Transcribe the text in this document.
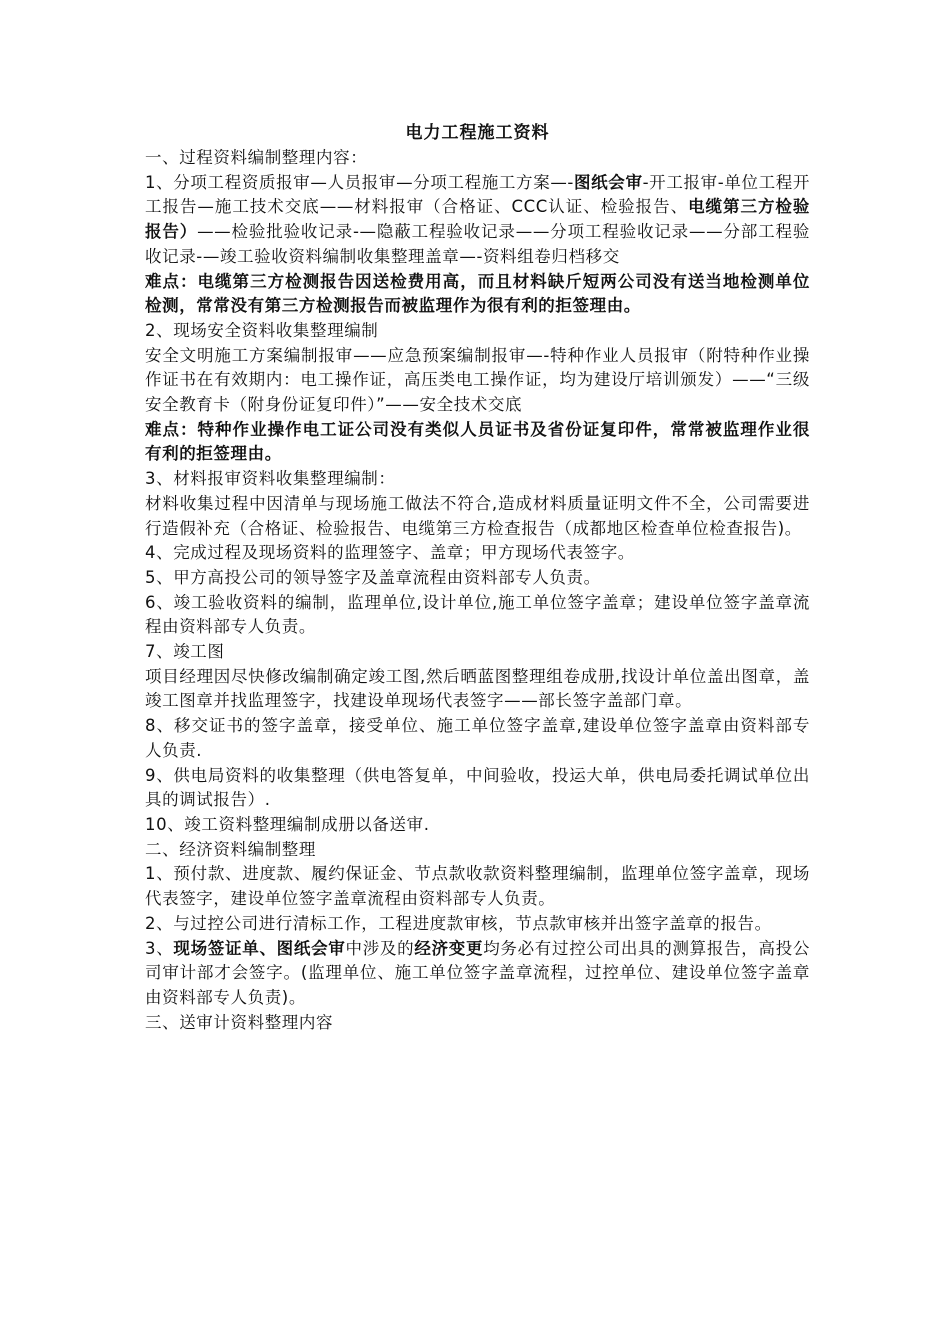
电力工程施工资料

一、过程资料编制整理内容：

1、分项工程资质报审—人员报审—分项工程施工方案—-图纸会审-开工报审-单位工程开工报告—施工技术交底——材料报审（合格证、CCC认证、检验报告、电缆第三方检验报告）——检验批验收记录-—隐蔽工程验收记录——分项工程验收记录——分部工程验收记录-—竣工验收资料编制收集整理盖章—-资料组卷归档移交

难点：电缆第三方检测报告因送检费用高，而且材料缺斤短两公司没有送当地检测单位检测，常常没有第三方检测报告而被监理作为很有利的拒签理由。

2、现场安全资料收集整理编制

安全文明施工方案编制报审——应急预案编制报审—-特种作业人员报审（附特种作业操作证书在有效期内：电工操作证，高压类电工操作证，均为建设厅培训颁发）——“三级安全教育卡（附身份证复印件）”——安全技术交底

难点：特种作业操作电工证公司没有类似人员证书及省份证复印件，常常被监理作业很有利的拒签理由。

3、材料报审资料收集整理编制：

材料收集过程中因清单与现场施工做法不符合,造成材料质量证明文件不全，公司需要进行造假补充（合格证、检验报告、电缆第三方检查报告（成都地区检查单位检查报告)。

4、完成过程及现场资料的监理签字、盖章；甲方现场代表签字。

5、甲方高投公司的领导签字及盖章流程由资料部专人负责。

6、竣工验收资料的编制，监理单位,设计单位,施工单位签字盖章；建设单位签字盖章流程由资料部专人负责。

7、竣工图

项目经理因尽快修改编制确定竣工图,然后晒蓝图整理组卷成册,找设计单位盖出图章，盖竣工图章并找监理签字，找建设单现场代表签字——部长签字盖部门章。

8、移交证书的签字盖章，接受单位、施工单位签字盖章,建设单位签字盖章由资料部专人负责.

9、供电局资料的收集整理（供电答复单，中间验收，投运大单，供电局委托调试单位出具的调试报告）.

10、竣工资料整理编制成册以备送审.

二、经济资料编制整理

1、预付款、进度款、履约保证金、节点款收款资料整理编制，监理单位签字盖章，现场代表签字，建设单位签字盖章流程由资料部专人负责。

2、与过控公司进行清标工作，工程进度款审核，节点款审核并出签字盖章的报告。

3、现场签证单、图纸会审中涉及的经济变更均务必有过控公司出具的测算报告，高投公司审计部才会签字。(监理单位、施工单位签字盖章流程，过控单位、建设单位签字盖章由资料部专人负责)。

三、送审计资料整理内容
